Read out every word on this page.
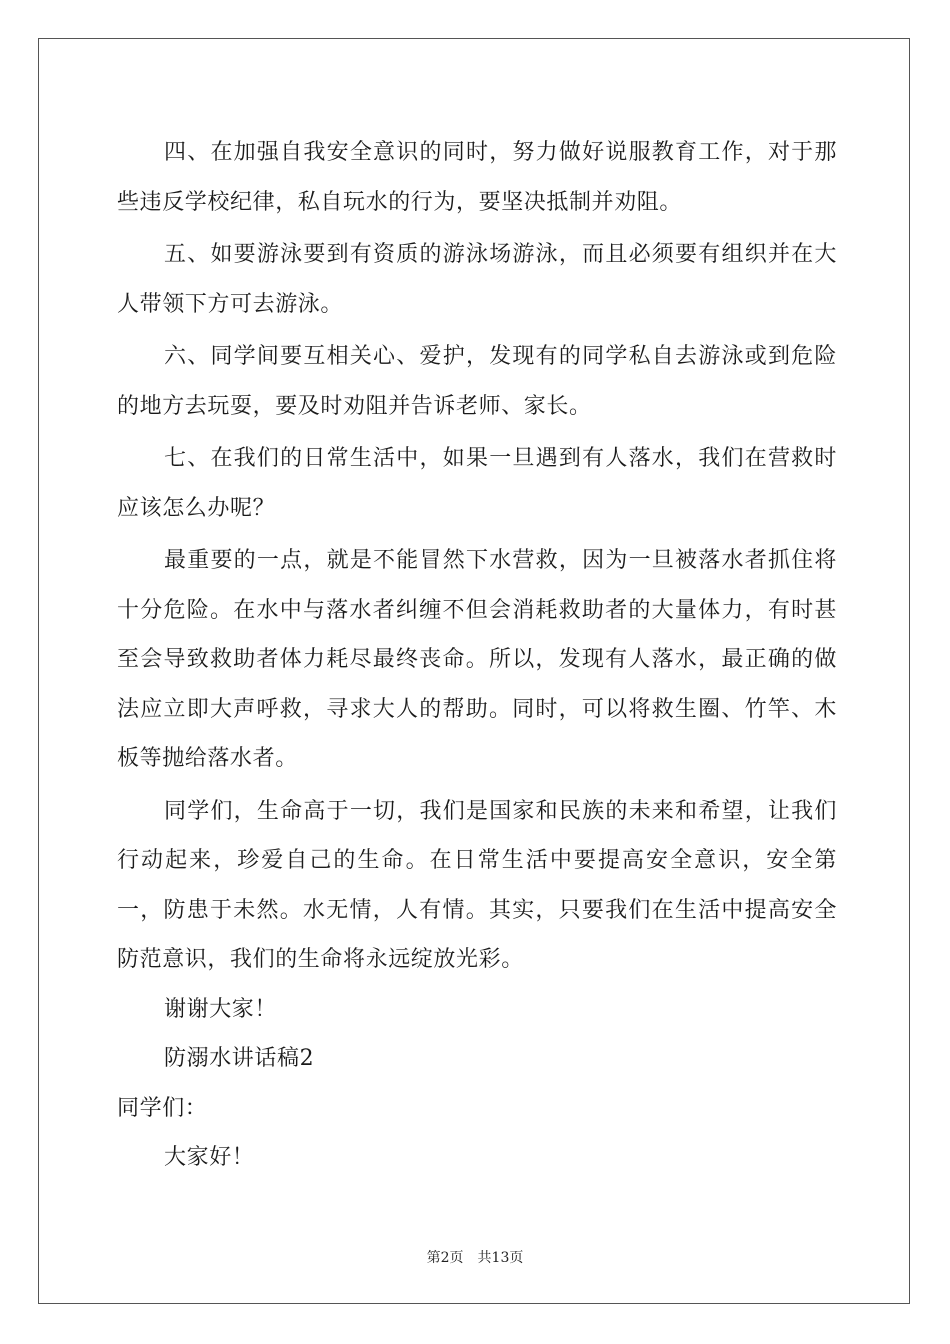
四、在加强自我安全意识的同时，努力做好说服教育工作，对于那些违反学校纪律，私自玩水的行为，要坚决抵制并劝阻。

五、如要游泳要到有资质的游泳场游泳，而且必须要有组织并在大人带领下方可去游泳。

六、同学间要互相关心、爱护，发现有的同学私自去游泳或到危险的地方去玩耍，要及时劝阻并告诉老师、家长。

七、在我们的日常生活中，如果一旦遇到有人落水，我们在营救时应该怎么办呢？

最重要的一点，就是不能冒然下水营救，因为一旦被落水者抓住将十分危险。在水中与落水者纠缠不但会消耗救助者的大量体力，有时甚至会导致救助者体力耗尽最终丧命。所以，发现有人落水，最正确的做法应立即大声呼救，寻求大人的帮助。同时，可以将救生圈、竹竿、木板等抛给落水者。

同学们，生命高于一切，我们是国家和民族的未来和希望，让我们行动起来，珍爱自己的生命。在日常生活中要提高安全意识，安全第一，防患于未然。水无情，人有情。其实，只要我们在生活中提高安全防范意识，我们的生命将永远绽放光彩。

谢谢大家！

防溺水讲话稿2

同学们：

大家好！

第2页 共13页
